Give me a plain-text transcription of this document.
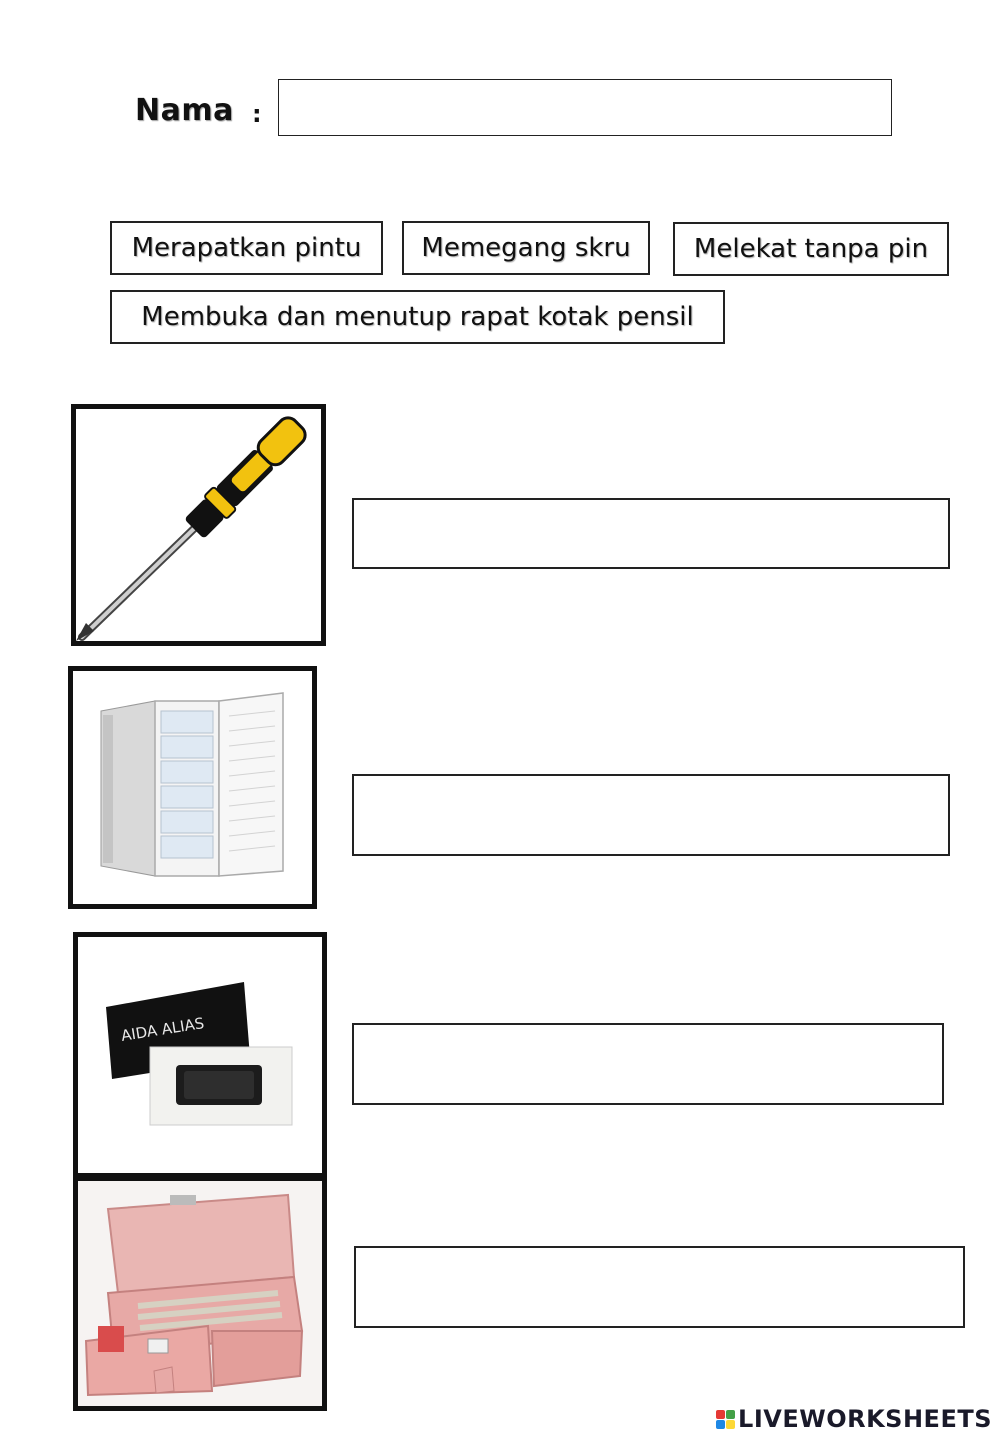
Nama :
Merapatkan pintu	Memegang skru	Melekat tanpa pin
Membuka dan menutup rapat kotak pensil
AIDA ALIAS
LIVEWORKSHEETS
